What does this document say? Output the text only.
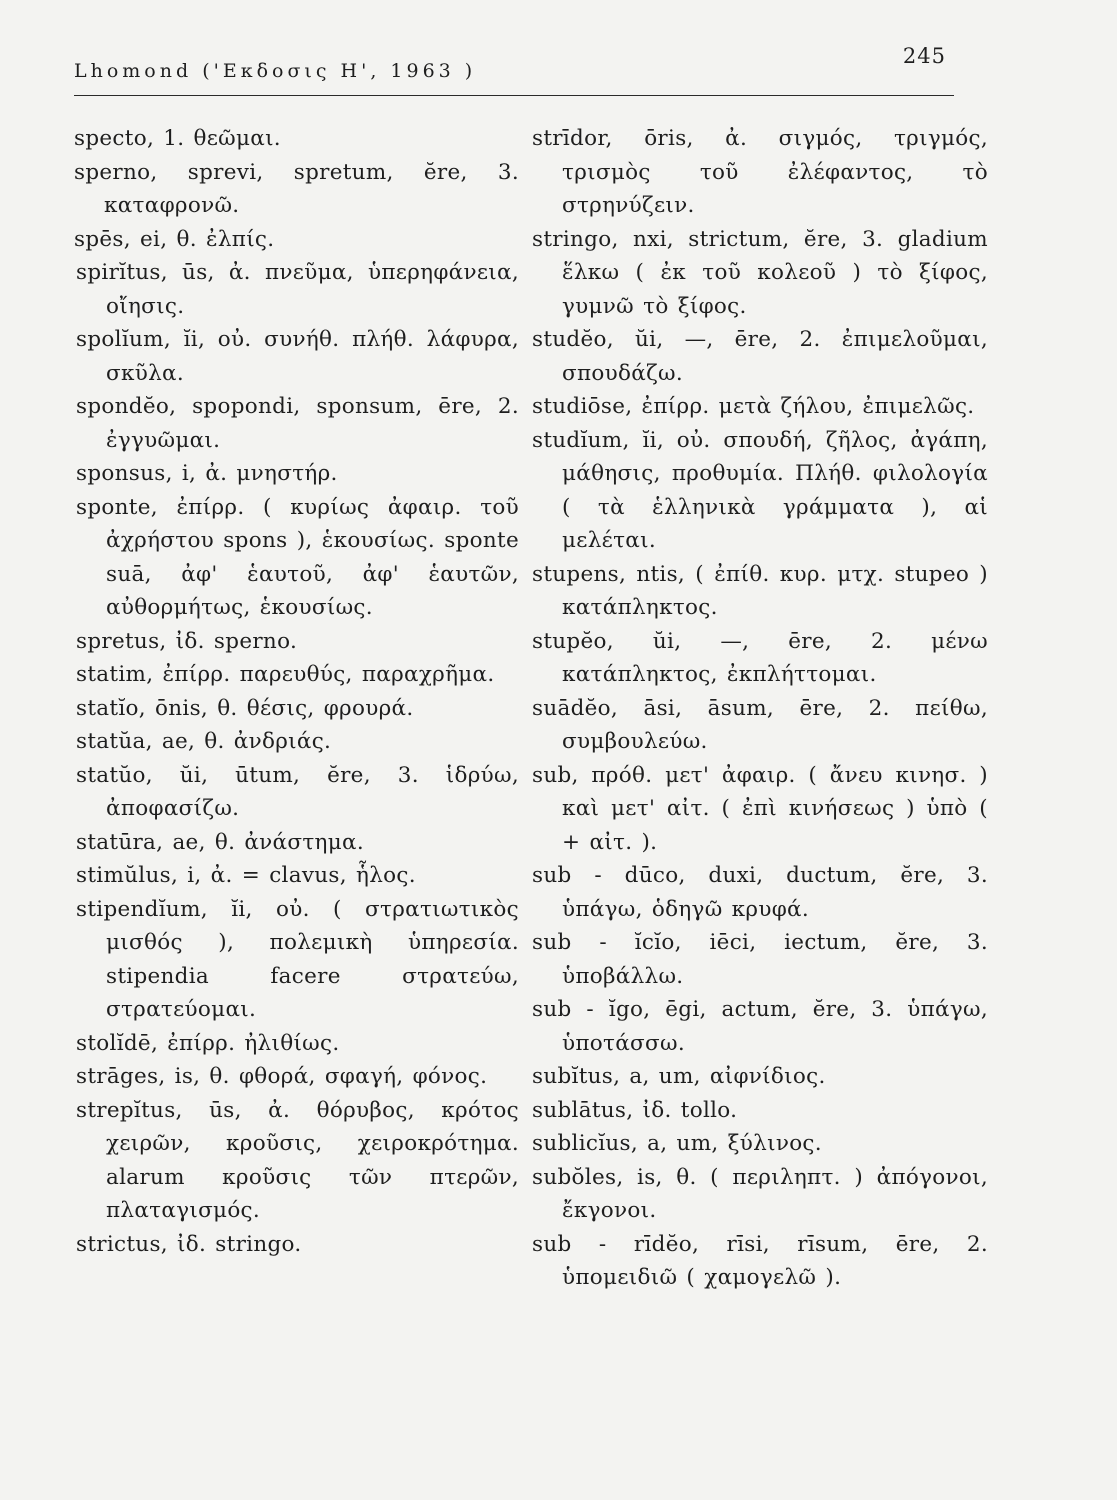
Lhomond ('Εκδοσις Η', 1963 )
245

specto, 1. θεῶμαι.

sperno, sprevi, spretum, ĕre, 3. καταφρονῶ.

spēs, ei, θ. ἐλπίς.

spirĭtus, ūs, ἀ. πνεῦμα, ὑπερηφάνεια, οἴησις.

spolĭum, ĭi, οὐ. συνήθ. πλήθ. λάφυρα, σκῦλα.

spondĕo, spopondi, sponsum, ēre, 2. ἐγγυῶμαι.

sponsus, i, ἀ. μνηστήρ.

sponte, ἐπίρρ. ( κυρίως ἀφαιρ. τοῦ ἀχρήστου spons ), ἑκουσίως. sponte suā, ἀφ' ἑαυτοῦ, ἀφ' ἑαυτῶν, αὐθορμήτως, ἑκουσίως.

spretus, ἰδ. sperno.

statim, ἐπίρρ. παρευθύς, παραχρῆμα.

statĭo, ōnis, θ. θέσις, φρουρά.

statŭa, ae, θ. ἀνδριάς.

statŭo, ŭi, ūtum, ĕre, 3. ἱδρύω, ἀποφασίζω.

statūra, ae, θ. ἀνάστημα.

stimŭlus, i, ἀ. = clavus, ἧλος.

stipendĭum, ĭi, οὐ. ( στρατιωτικὸς μισθός ), πολεμικὴ ὑπηρεσία. stipendia facere στρατεύω, στρατεύομαι.

stolĭdē, ἐπίρρ. ἠλιθίως.

strāges, is, θ. φθορά, σφαγή, φόνος.

strepĭtus, ūs, ἀ. θόρυβος, κρότος χειρῶν, κροῦσις, χειροκρότημα. alarum κροῦσις τῶν πτερῶν, πλαταγισμός.

strictus, ἰδ. stringo.

strīdor, ōris, ἀ. σιγμός, τριγμός, τρισμὸς τοῦ ἐλέφαντος, τὸ στρηνύζειν.

stringo, nxi, strictum, ĕre, 3. gladium ἕλκω ( ἐκ τοῦ κολεοῦ ) τὸ ξίφος, γυμνῶ τὸ ξίφος.

studĕo, ŭi, —, ēre, 2. ἐπιμελοῦμαι, σπουδάζω.

studiōse, ἐπίρρ. μετὰ ζήλου, ἐπιμελῶς.

studĭum, ĭi, οὐ. σπουδή, ζῆλος, ἀγάπη, μάθησις, προθυμία. Πλήθ. φιλολογία ( τὰ ἑλληνικὰ γράμματα ), αἱ μελέται.

stupens, ntis, ( ἐπίθ. κυρ. μτχ. stupeo ) κατάπληκτος.

stupĕo, ŭi, —, ēre, 2. μένω κατάπληκτος, ἐκπλήττομαι.

suādĕo, āsi, āsum, ēre, 2. πείθω, συμβουλεύω.

sub, πρόθ. μετ' ἀφαιρ. ( ἄνευ κινησ. ) καὶ μετ' αἰτ. ( ἐπὶ κινήσεως ) ὑπὸ ( + αἰτ. ).

sub - dūco, duxi, ductum, ĕre, 3. ὑπάγω, ὁδηγῶ κρυφά.

sub - ĭcĭo, iēci, iectum, ĕre, 3. ὑποβάλλω.

sub - ĭgo, ēgi, actum, ĕre, 3. ὑπάγω, ὑποτάσσω.

subĭtus, a, um, αἰφνίδιος.

sublātus, ἰδ. tollo.

sublicĭus, a, um, ξύλινος.

subŏles, is, θ. ( περιληπτ. ) ἀπόγονοι, ἔκγονοι.

sub - rīdĕo, rīsi, rīsum, ēre, 2. ὑπομειδιῶ ( χαμογελῶ ).
